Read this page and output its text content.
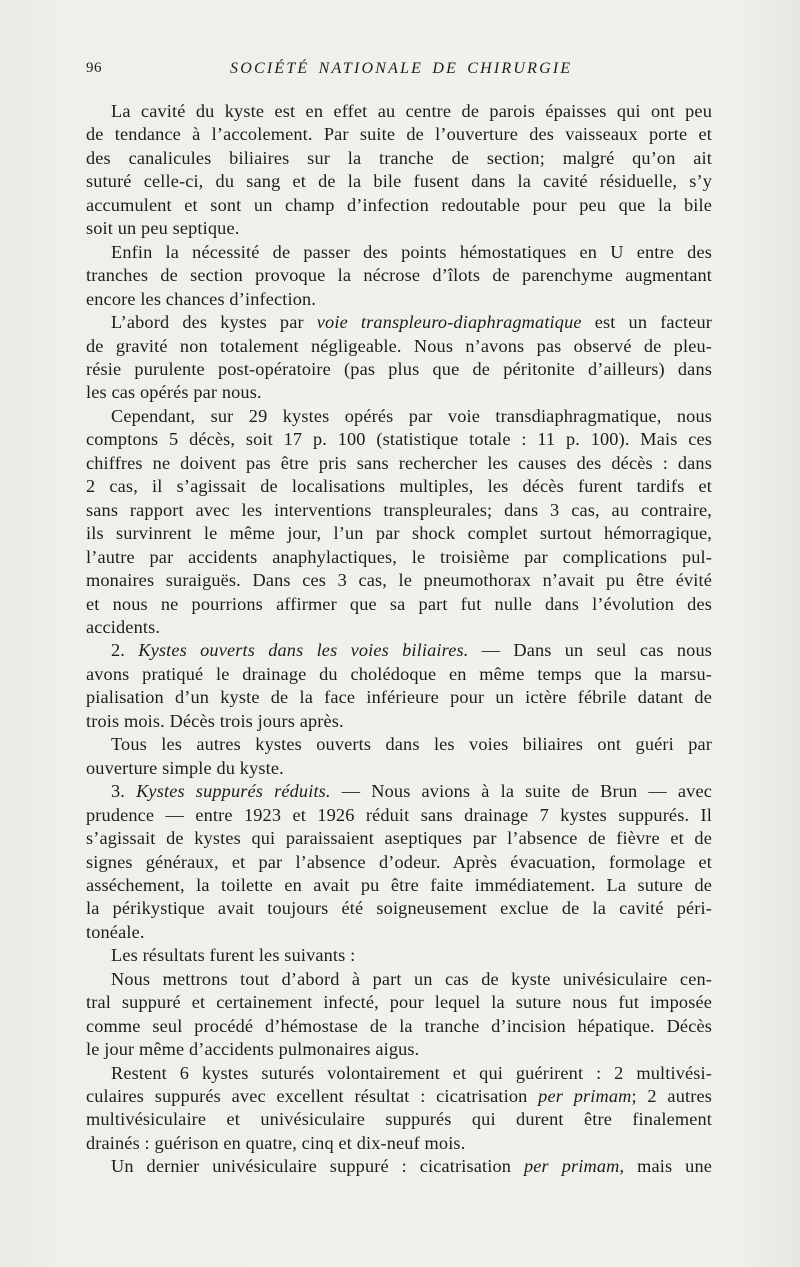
96	SOCIÉTÉ NATIONALE DE CHIRURGIE

La cavité du kyste est en effet au centre de parois épaisses qui ont peu
de tendance à l’accolement. Par suite de l’ouverture des vaisseaux porte et
des canalicules biliaires sur la tranche de section; malgré qu’on ait
suturé celle-ci, du sang et de la bile fusent dans la cavité résiduelle, s’y
accumulent et sont un champ d’infection redoutable pour peu que la bile
soit un peu septique.

Enfin la nécessité de passer des points hémostatiques en U entre des
tranches de section provoque la nécrose d’îlots de parenchyme augmentant
encore les chances d’infection.

L’abord des kystes par voie transpleuro-diaphragmatique est un facteur
de gravité non totalement négligeable. Nous n’avons pas observé de pleu-
résie purulente post-opératoire (pas plus que de péritonite d’ailleurs) dans
les cas opérés par nous.

Cependant, sur 29 kystes opérés par voie transdiaphragmatique, nous
comptons 5 décès, soit 17 p. 100 (statistique totale : 11 p. 100). Mais ces
chiffres ne doivent pas être pris sans rechercher les causes des décès : dans
2 cas, il s’agissait de localisations multiples, les décès furent tardifs et
sans rapport avec les interventions transpleurales; dans 3 cas, au contraire,
ils survinrent le même jour, l’un par shock complet surtout hémorragique,
l’autre par accidents anaphylactiques, le troisième par complications pul-
monaires suraiguës. Dans ces 3 cas, le pneumothorax n’avait pu être évité
et nous ne pourrions affirmer que sa part fut nulle dans l’évolution des
accidents.

2. Kystes ouverts dans les voies biliaires. — Dans un seul cas nous
avons pratiqué le drainage du cholédoque en même temps que la marsu-
pialisation d’un kyste de la face inférieure pour un ictère fébrile datant de
trois mois. Décès trois jours après.

Tous les autres kystes ouverts dans les voies biliaires ont guéri par
ouverture simple du kyste.

3. Kystes suppurés réduits. — Nous avions à la suite de Brun — avec
prudence — entre 1923 et 1926 réduit sans drainage 7 kystes suppurés. Il
s’agissait de kystes qui paraissaient aseptiques par l’absence de fièvre et de
signes généraux, et par l’absence d’odeur. Après évacuation, formolage et
asséchement, la toilette en avait pu être faite immédiatement. La suture de
la périkystique avait toujours été soigneusement exclue de la cavité péri-
tonéale.

Les résultats furent les suivants :

Nous mettrons tout d’abord à part un cas de kyste univésiculaire cen-
tral suppuré et certainement infecté, pour lequel la suture nous fut imposée
comme seul procédé d’hémostase de la tranche d’incision hépatique. Décès
le jour même d’accidents pulmonaires aigus.

Restent 6 kystes suturés volontairement et qui guérirent : 2 multivési-
culaires suppurés avec excellent résultat : cicatrisation per primam; 2 autres
multivésiculaire et univésiculaire suppurés qui durent être finalement
drainés : guérison en quatre, cinq et dix-neuf mois.

Un dernier univésiculaire suppuré : cicatrisation per primam, mais une
